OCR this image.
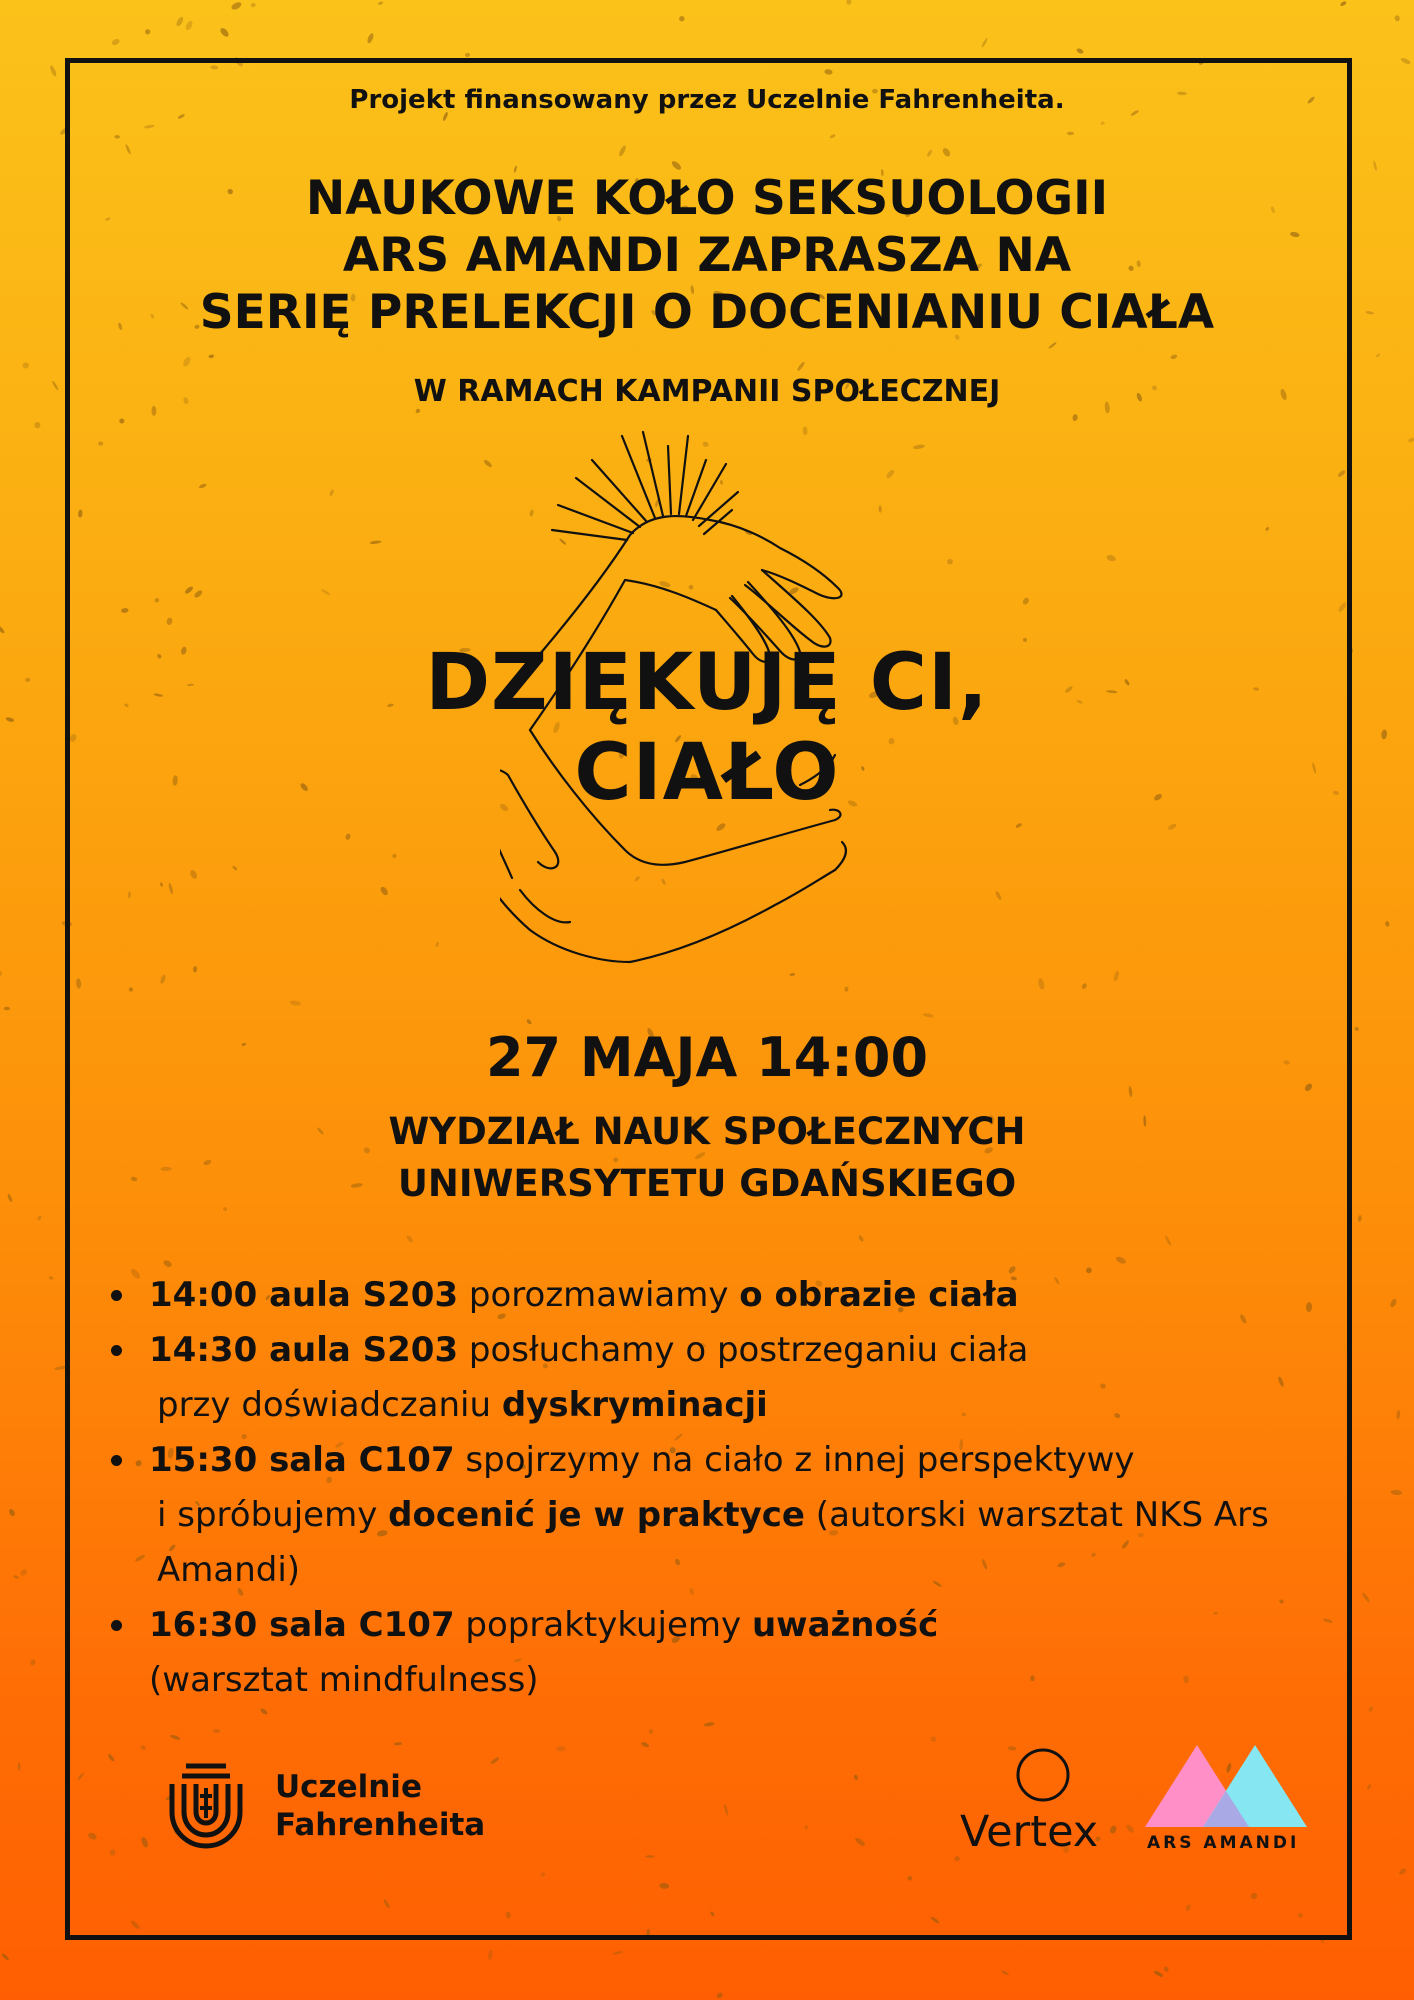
Projekt finansowany przez Uczelnie Fahrenheita.

NAUKOWE KOŁO SEKSUOLOGII
ARS AMANDI ZAPRASZA NA
SERIĘ PRELEKCJI O DOCENIANIU CIAŁA

W RAMACH KAMPANII SPOŁECZNEJ

DZIĘKUJĘ CI,
CIAŁO

27 MAJA 14:00

WYDZIAŁ NAUK SPOŁECZNYCH
UNIWERSYTETU GDAŃSKIEGO
14:00 aula S203 porozmawiamy o obrazie ciała
14:30 aula S203 posłuchamy o postrzeganiu ciała
przy doświadczaniu dyskryminacji
15:30 sala C107 spojrzymy na ciało z innej perspektywy
i spróbujemy docenić je w praktyce (autorski warsztat NKS Ars Amandi)
16:30 sala C107 popraktykujemy uważność
(warsztat mindfulness)
Uczelnie
Fahrenheita	Vertex	ARS AMANDI
